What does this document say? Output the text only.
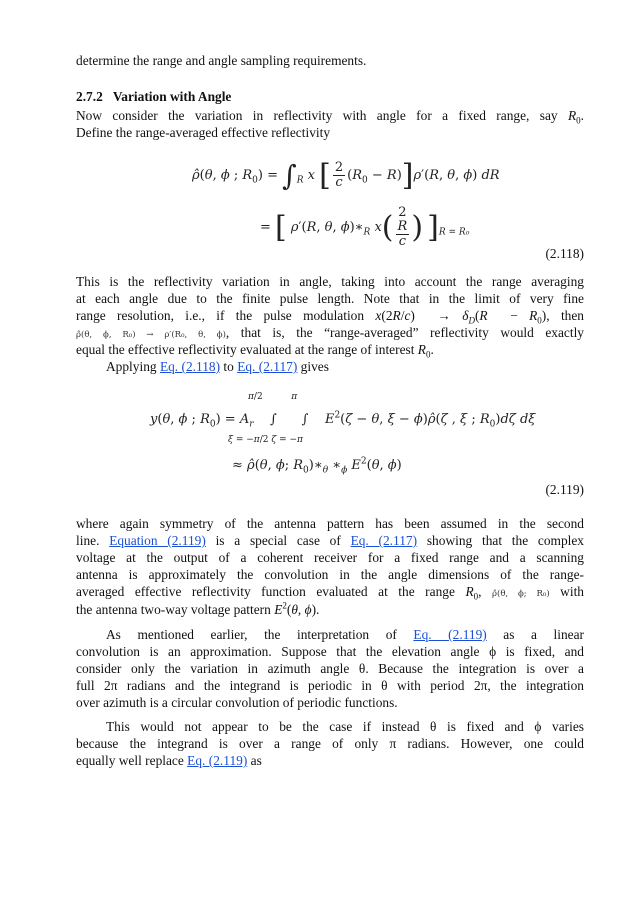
determine the range and angle sampling requirements.
2.7.2 Variation with Angle
Now consider the variation in reflectivity with angle for a fixed range, say $R_0$.
Define the range-averaged effective reflectivity
ρ̂(θ, ϕ ; $R_0) = \int_R$ x [ $\frac{2}{c} (R_0 - R)]\rho'(R$, θ, ϕ) dR
= [ ρ′(R, θ, $\phi)∗_R$ x( 2
R
c ) ]$_{R = R_0}$
(2.118)
This is the reflectivity variation in angle, taking into account the range averaging
at each angle due to the finite pulse length. Note that in the limit of very fine
range resolution, i.e., if the pulse modulation $x(2R/c) \to \delta_D(R - R_0)$, then
ρ̂(θ, ϕ, R₀) → ρ′(R₀, θ, ϕ), that is, the “range-averaged” reflectivity would exactly
equal the effective reflectivity evaluated at the range of interest $R_0$.
Applying Eq. (2.118) to Eq. (2.117) gives
π/2          π
y(θ, ϕ ; $R_0) = A_r$    ∫      ∫    $E^2(\zeta - \theta$, ξ − ϕ)ρ̂(ζ , ξ ; $R_0)d\zeta$ dξ
ξ = −π/2 ζ = −π
≈ ρ̂(θ, ϕ; $R_0)∗_\theta$ $∗_\phi$ $E^2(\theta$, ϕ)
(2.119)
where again symmetry of the antenna pattern has been assumed in the second
line. Equation (2.119) is a special case of Eq. (2.117) showing that the complex
voltage at the output of a coherent receiver for a fixed range and a scanning
antenna is approximately the convolution in the angle dimensions of the range-
averaged effective reflectivity function evaluated at the range $R_0$, ρ̂(θ, ϕ; R₀) with
the antenna two-way voltage pattern $E^2(\theta$, ϕ).
As mentioned earlier, the interpretation of Eq. (2.119) as a linear
convolution is an approximation. Suppose that the elevation angle ϕ is fixed, and
consider only the variation in azimuth angle θ. Because the integration is over a
full 2π radians and the integrand is periodic in θ with period 2π, the integration
over azimuth is a circular convolution of periodic functions.
This would not appear to be the case if instead θ is fixed and ϕ varies
because the integrand is over a range of only π radians. However, one could
equally well replace Eq. (2.119) as
